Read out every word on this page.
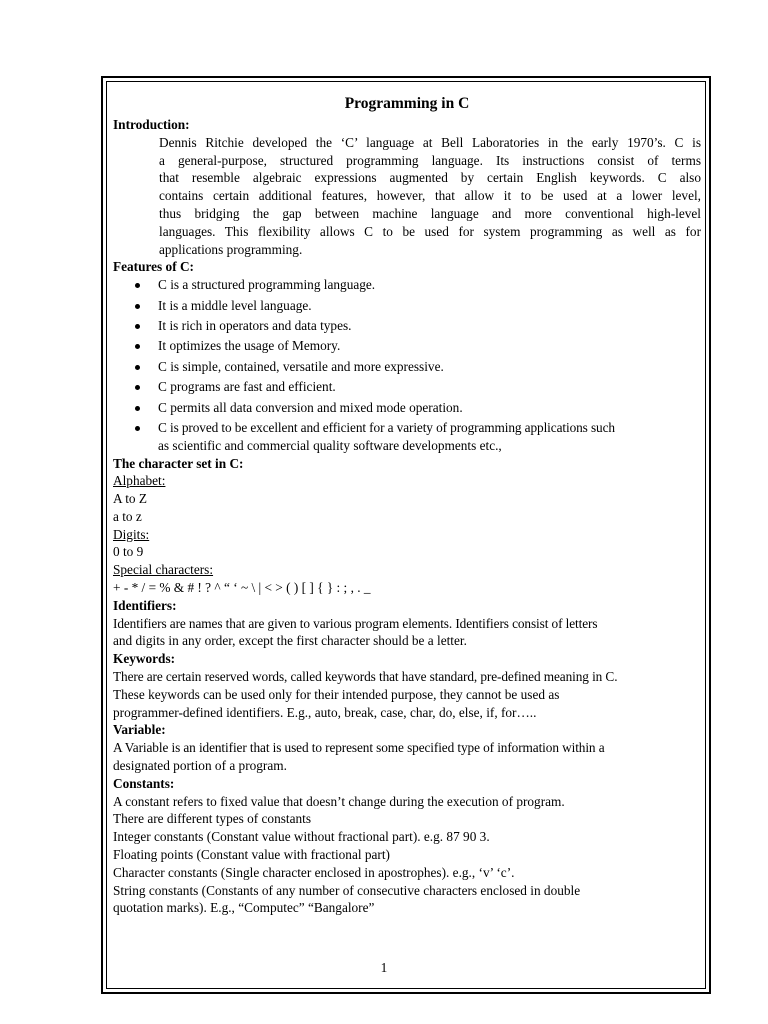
Programming in C

Introduction:

Dennis Ritchie developed the ‘C’ language at Bell Laboratories in the early 1970’s. C is
a general-purpose, structured programming language. Its instructions consist of terms
that resemble algebraic expressions augmented by certain English keywords. C also
contains certain additional features, however, that allow it to be used at a lower level,
thus bridging the gap between machine language and more conventional high-level
languages. This flexibility allows C to be used for system programming as well as for
applications programming.

Features of C:

C is a structured programming language.
It is a middle level language.
It is rich in operators and data types.
It optimizes the usage of Memory.
C is simple, contained, versatile and more expressive.
C programs are fast and efficient.
C permits all data conversion and mixed mode operation.
C is proved to be excellent and efficient for a variety of programming applications such
as scientific and commercial quality software developments etc.,

The character set in C:

Alphabet:

A to Z

a to z

Digits:

0 to 9

Special characters:

+ - * / = % & # ! ? ^ “ ‘ ~ \ | < > ( ) [ ] { } : ; , . _

Identifiers:

Identifiers are names that are given to various program elements. Identifiers consist of letters

and digits in any order, except the first character should be a letter.

Keywords:

There are certain reserved words, called keywords that have standard, pre-defined meaning in C.

These keywords can be used only for their intended purpose, they cannot be used as

programmer-defined identifiers. E.g., auto, break, case, char, do, else, if, for…..

Variable:

A Variable is an identifier that is used to represent some specified type of information within a

designated portion of a program.

Constants:

A constant refers to fixed value that doesn’t change during the execution of program.

There are different types of constants

Integer constants (Constant value without fractional part). e.g. 87 90 3.

Floating points (Constant value with fractional part)

Character constants (Single character enclosed in apostrophes). e.g., ‘v’ ‘c’.

String constants (Constants of any number of consecutive characters enclosed in double

quotation marks). E.g., “Computec” “Bangalore”

1
